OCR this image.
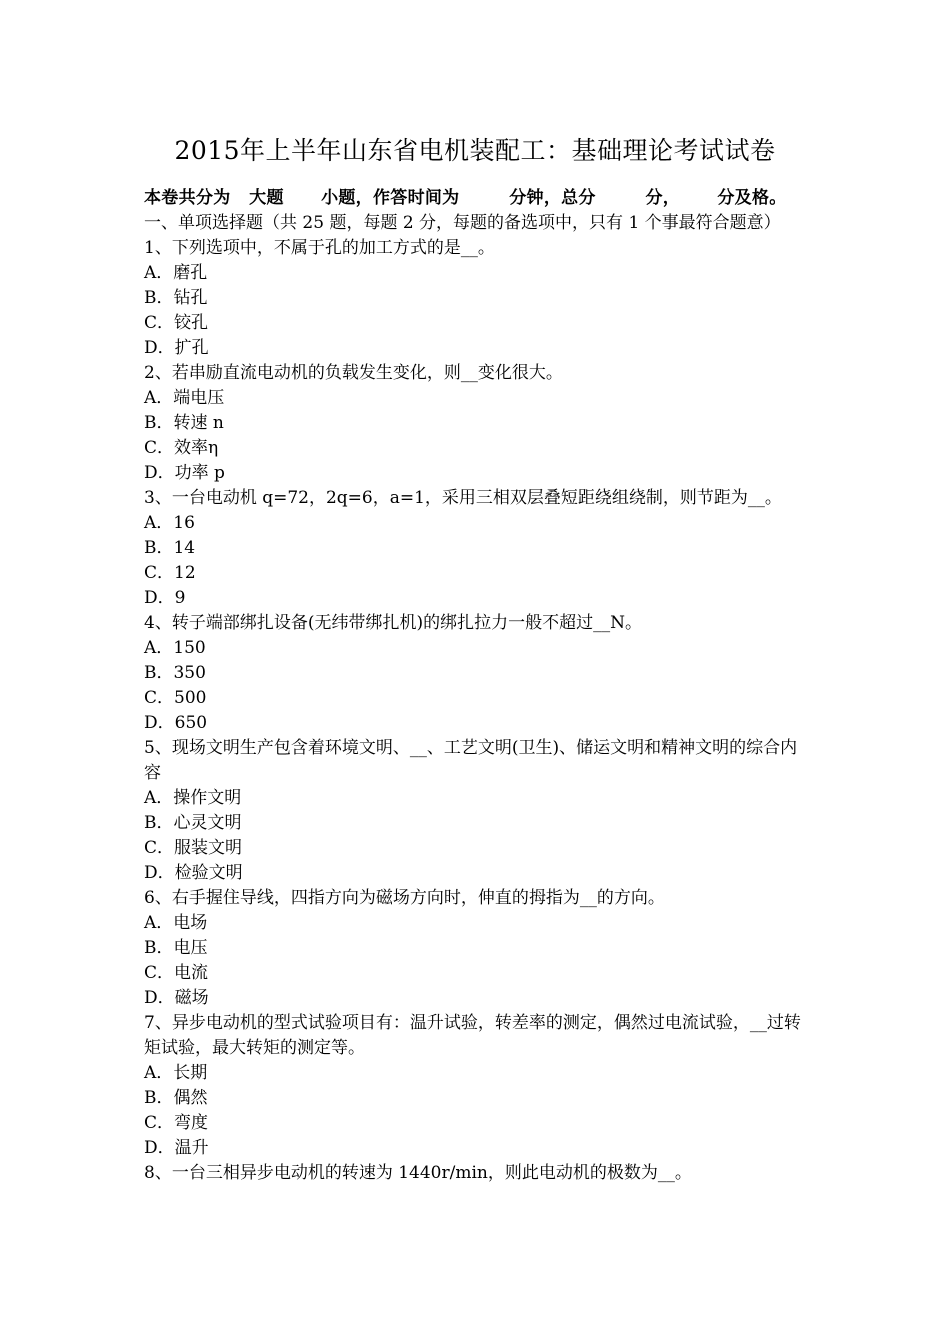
2015年上半年山东省电机装配工：基础理论考试试卷
本卷共分为   大题      小题，作答时间为        分钟，总分        分，      分及格。
一、单项选择题（共 25 题，每题 2 分，每题的备选项中，只有 1 个事最符合题意）
1、下列选项中，不属于孔的加工方式的是__。
A．磨孔
B．钻孔
C．铰孔
D．扩孔
2、若串励直流电动机的负载发生变化，则__变化很大。
A．端电压
B．转速 n
C．效率η
D．功率 p
3、一台电动机 q=72，2q=6，a=1，采用三相双层叠短距绕组绕制，则节距为__。
A．16
B．14
C．12
D．9
4、转子端部绑扎设备(无纬带绑扎机)的绑扎拉力一般不超过__N。
A．150
B．350
C．500
D．650
5、现场文明生产包含着环境文明、__、工艺文明(卫生)、储运文明和精神文明的综合内容
A．操作文明
B．心灵文明
C．服装文明
D．检验文明
6、右手握住导线，四指方向为磁场方向时，伸直的拇指为__的方向。
A．电场
B．电压
C．电流
D．磁场
7、异步电动机的型式试验项目有：温升试验，转差率的测定，偶然过电流试验，__过转矩试验，最大转矩的测定等。
A．长期
B．偶然
C．弯度
D．温升
8、一台三相异步电动机的转速为 1440r/min，则此电动机的极数为__。
